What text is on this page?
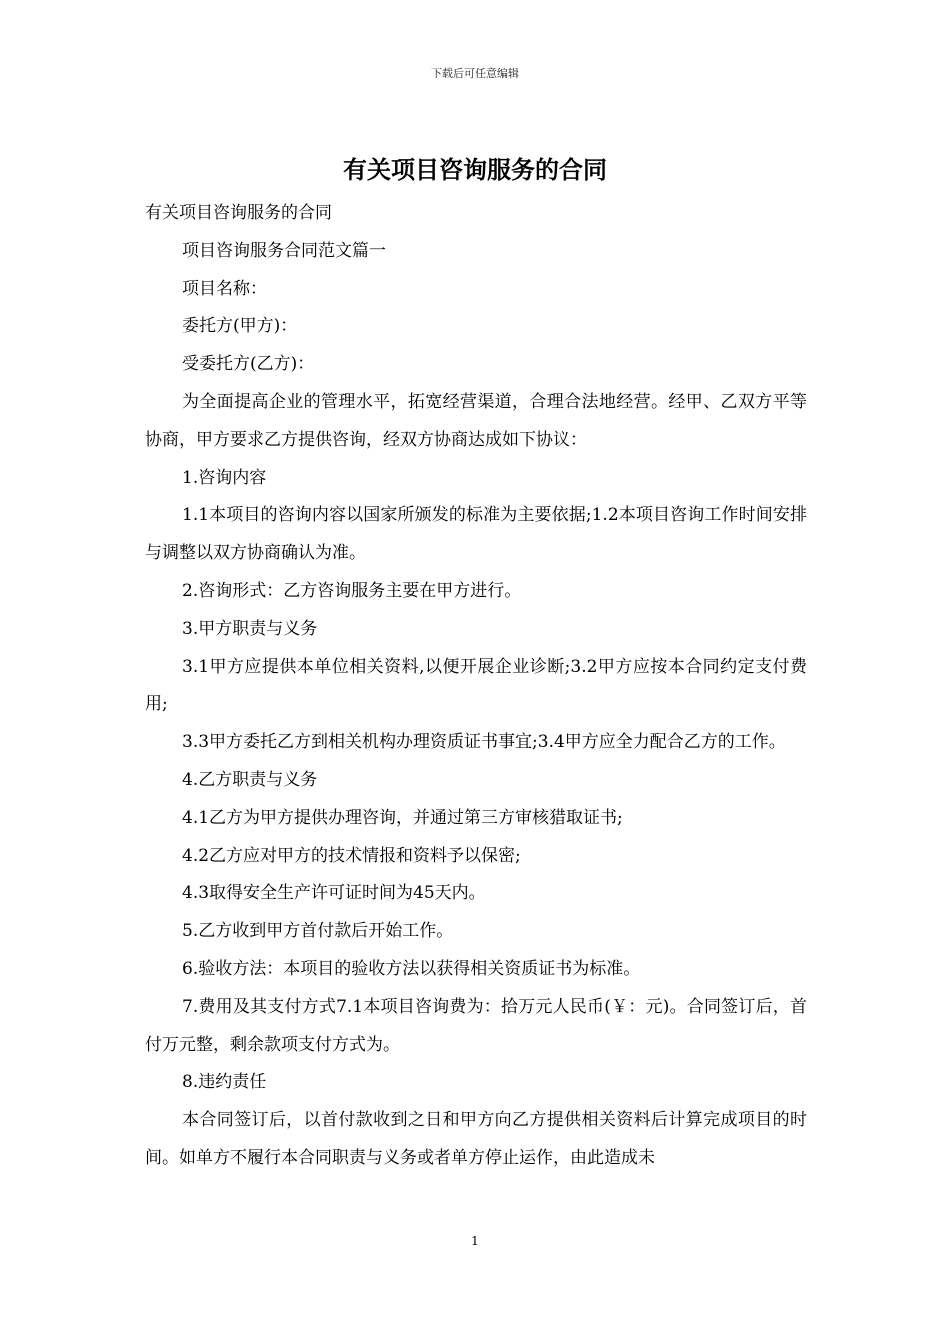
下载后可任意编辑
有关项目咨询服务的合同

有关项目咨询服务的合同

项目咨询服务合同范文篇一

项目名称：

委托方(甲方)：

受委托方(乙方)：

为全面提高企业的管理水平，拓宽经营渠道，合理合法地经营。经甲、乙双方平等协商，甲方要求乙方提供咨询，经双方协商达成如下协议：

1.咨询内容

1.1本项目的咨询内容以国家所颁发的标准为主要依据;1.2本项目咨询工作时间安排与调整以双方协商确认为准。

2.咨询形式：乙方咨询服务主要在甲方进行。

3.甲方职责与义务

3.1甲方应提供本单位相关资料,以便开展企业诊断;3.2甲方应按本合同约定支付费用;

3.3甲方委托乙方到相关机构办理资质证书事宜;3.4甲方应全力配合乙方的工作。

4.乙方职责与义务

4.1乙方为甲方提供办理咨询，并通过第三方审核猎取证书;

4.2乙方应对甲方的技术情报和资料予以保密;

4.3取得安全生产许可证时间为45天内。

5.乙方收到甲方首付款后开始工作。

6.验收方法：本项目的验收方法以获得相关资质证书为标准。

7.费用及其支付方式7.1本项目咨询费为：拾万元人民币(￥：元)。合同签订后，首付万元整，剩余款项支付方式为。

8.违约责任

本合同签订后，以首付款收到之日和甲方向乙方提供相关资料后计算完成项目的时间。如单方不履行本合同职责与义务或者单方停止运作，由此造成未

1
